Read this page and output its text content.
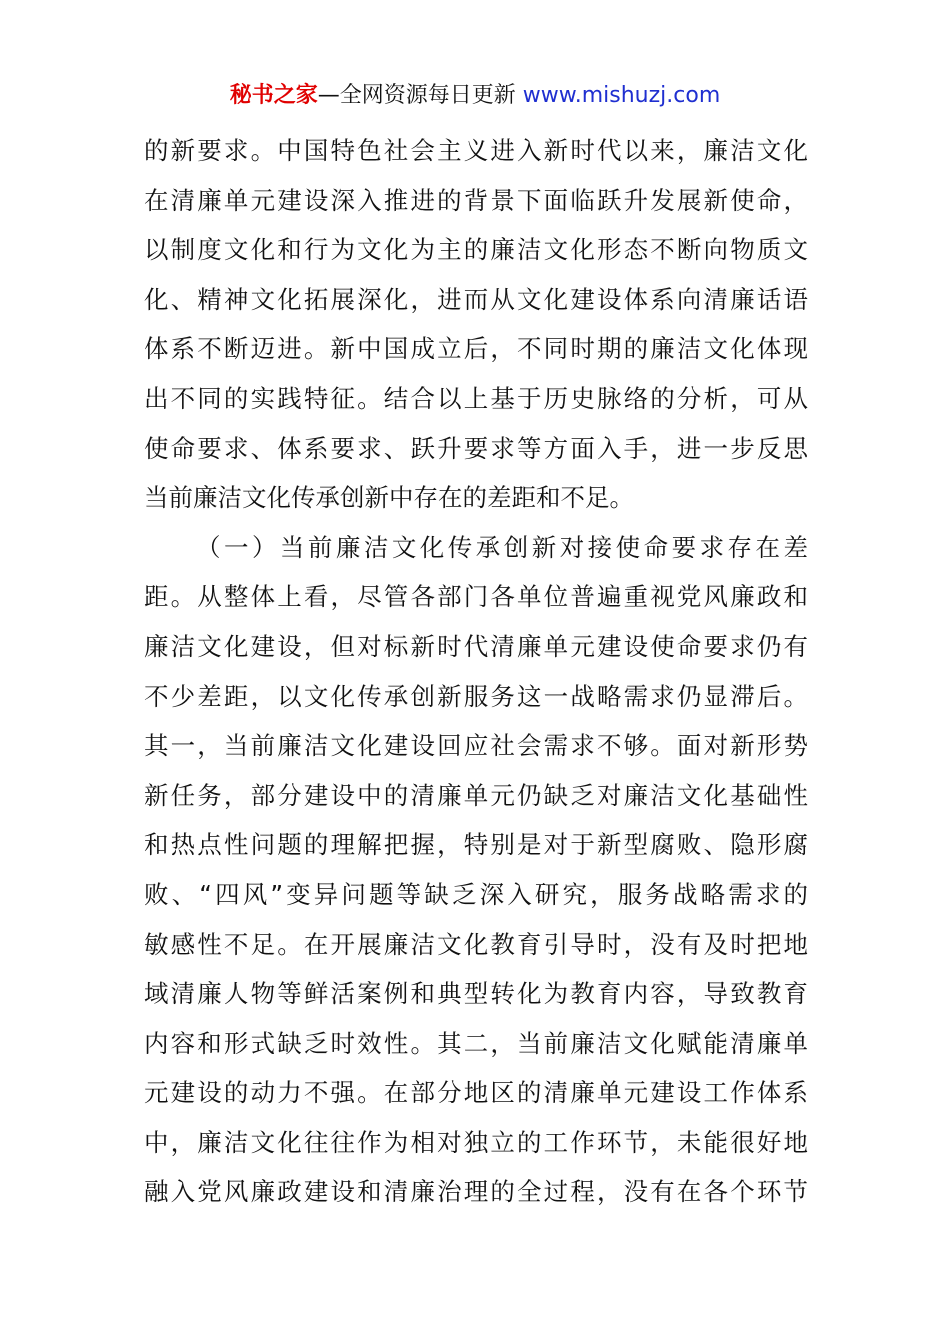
秘书之家—全网资源每日更新 www.mishuzj.com
的新要求。中国特色社会主义进入新时代以来，廉洁文化
在清廉单元建设深入推进的背景下面临跃升发展新使命，
以制度文化和行为文化为主的廉洁文化形态不断向物质文
化、精神文化拓展深化，进而从文化建设体系向清廉话语
体系不断迈进。新中国成立后，不同时期的廉洁文化体现
出不同的实践特征。结合以上基于历史脉络的分析，可从
使命要求、体系要求、跃升要求等方面入手，进一步反思
当前廉洁文化传承创新中存在的差距和不足。
（一）当前廉洁文化传承创新对接使命要求存在差
距。从整体上看，尽管各部门各单位普遍重视党风廉政和
廉洁文化建设，但对标新时代清廉单元建设使命要求仍有
不少差距，以文化传承创新服务这一战略需求仍显滞后。
其一，当前廉洁文化建设回应社会需求不够。面对新形势
新任务，部分建设中的清廉单元仍缺乏对廉洁文化基础性
和热点性问题的理解把握，特别是对于新型腐败、隐形腐
败、“四风”变异问题等缺乏深入研究，服务战略需求的
敏感性不足。在开展廉洁文化教育引导时，没有及时把地
域清廉人物等鲜活案例和典型转化为教育内容，导致教育
内容和形式缺乏时效性。其二，当前廉洁文化赋能清廉单
元建设的动力不强。在部分地区的清廉单元建设工作体系
中，廉洁文化往往作为相对独立的工作环节，未能很好地
融入党风廉政建设和清廉治理的全过程，没有在各个环节
